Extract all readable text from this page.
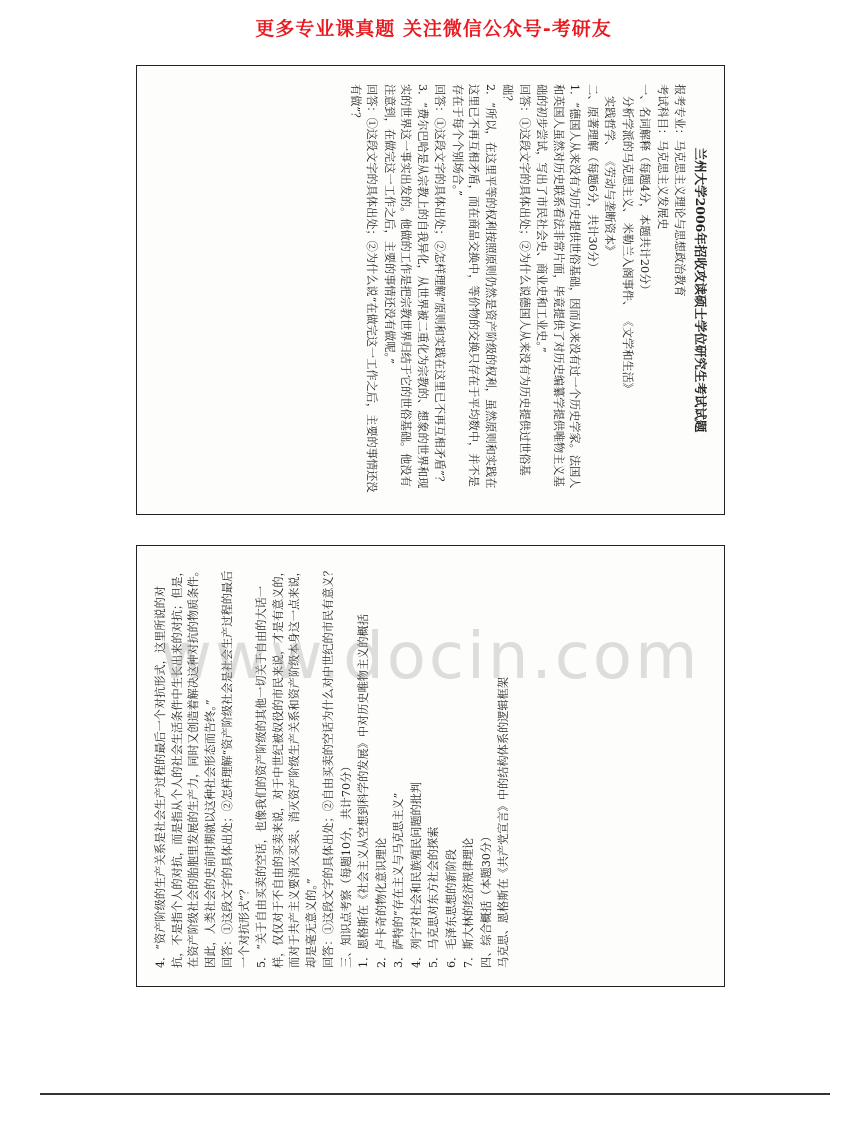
更多专业课真题 关注微信公众号-考研友

兰州大学2006年招收攻读硕士学位研究生考试试题

报考专业：马克思主义理论与思想政治教育

考试科目：马克思主义发展史

一、名词解释（每题4分，本题共计20分）

分析学派的马克思主义、 米勒兰入阁事件、 《文学和生活》

实践哲学、 《劳动与垄断资本》

二、原著理解（每题6分，共计30分）

1．“德国人从来没有为历史提供世俗基础，因而从来没有过一个历史学家。法国人和英国人虽然对历史联系看法非常片面，毕竟提供了对历史编纂学提供唯物主义基础的初步尝试，写出了市民社会史、商业史和工业史。”

回答：①这段文字的具体出处；②为什么说德国人从来没有为历史提供过世俗基础？

2．“所以，在这里平等的权利按照原则仍然是资产阶级的权利，虽然原则和实践在这里已不再互相矛盾，而在商品交换中，等价物的交换只存在于平均数中，并不是存在于每个个别场合。”

回答：①这段文字的具体出处；②怎样理解“原则和实践在这里已不再互相矛盾”？

3．“费尔巴哈是从宗教上的自我异化，从世界被二重化为宗教的、想象的世界和现实的世界这一事实出发的。他做的工作是把宗教世界归结于它的世俗基础。他没有注意到，在做完这一工作之后，主要的事情还没有做呢。”

回答：①这段文字的具体出处；②为什么说“在做完这一工作之后，主要的事情还没有做”？

4．“资产阶级的生产关系是社会生产过程的最后一个对抗形式，这里所说的对抗，不是指个人的对抗，而是指从个人的社会生活条件中生长出来的对抗；但是，在资产阶级社会的胎胞里发展的生产力，同时又创造着解决这种对抗的物质条件。因此，人类社会的史前时期就以这种社会形态而告终。” 回答：①这段文字的具体出处；②怎样理解“资产阶级社会是社会生产过程的最后一个对抗形式”？ 5．“关于自由买卖的空话，也像我们的资产阶级的其他一切关于自由的大话一样，仅仅对于不自由的买卖来说，对于中世纪被奴役的市民来说，才是有意义的，而对于共产主义要消灭买卖、消灭资产阶级生产关系和资产阶级本身这一点来说，却是毫无意义的。” 回答：①这段文字的具体出处；②自由买卖的空话为什么对中世纪的市民有意义？ 三、知识点考察（每题10分，共计70分） 1．恩格斯在《社会主义从空想到科学的发展》中对历史唯物主义的概括 2．卢卡奇的物化意识理论 3．萨特的“存在主义与马克思主义” 4．列宁对社会和民族殖民问题的批判 5．马克思对东方社会的探索 6．毛泽东思想的新阶段 7．斯大林的经济规律理论 四、综合概括（本题30分） 马克思、恩格斯在《共产党宣言》中的结构体系的逻辑框架

www.docin.com
